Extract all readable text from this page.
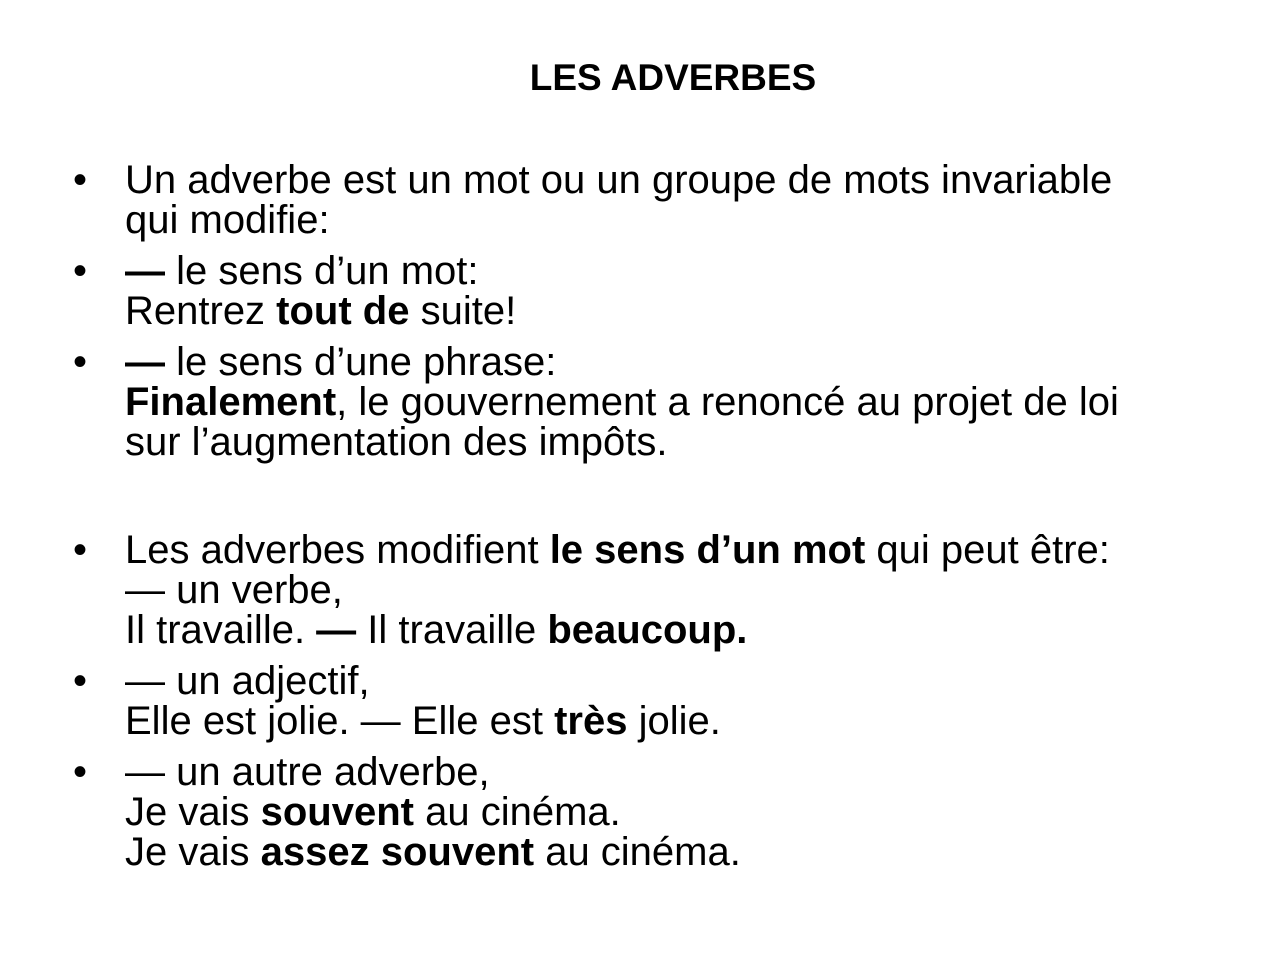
LES ADVERBES
• Un adverbe est un mot ou un groupe de mots invariable
qui modifie:
• — le sens d’un mot:
Rentrez tout de suite!
• — le sens d’une phrase:
Finalement, le gouvernement a renoncé au projet de loi
sur l’augmentation des impôts.
• Les adverbes modifient le sens d’un mot qui peut être:
— un verbe,
Il travaille. — Il travaille beaucoup.
• — un adjectif,
Elle est jolie. — Elle est très jolie.
• — un autre adverbe,
Je vais souvent au cinéma.
Je vais assez souvent au cinéma.
